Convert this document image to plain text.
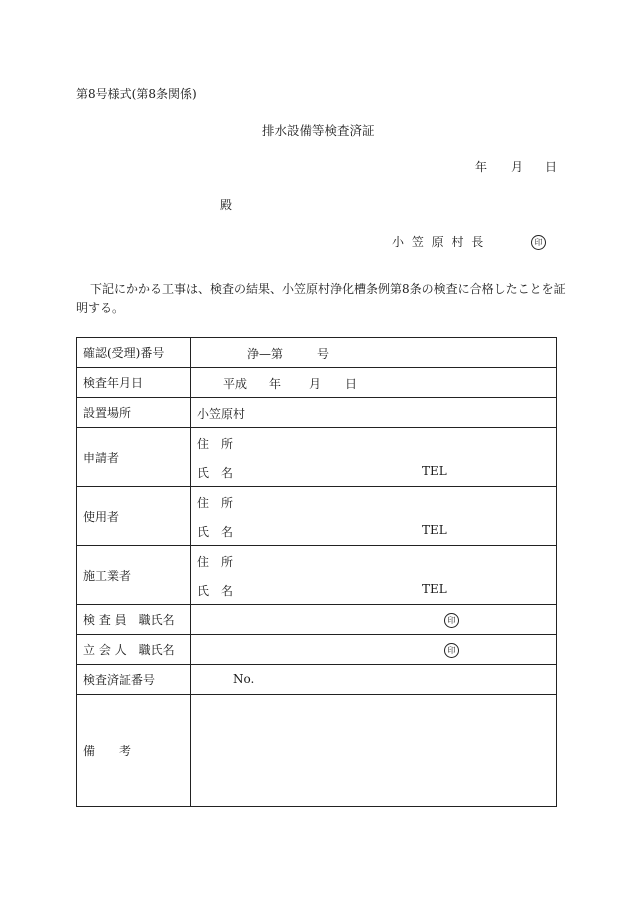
第8号様式(第8条関係)
排水設備等検査済証
年 月 日
殿
小 笠 原 村 長	印
下記にかかる工事は、検査の結果、小笠原村浄化槽条例第8条の検査に合格したことを証
明する。
確認(受理)番号	浄—第 号

検査年月日	平成 年 月 日

設置場所	小笠原村

申請者	住　所
氏　名 TEL

使用者	住　所
氏　名 TEL

施工業者	住　所
氏　名 TEL

検 査 員　職氏名	印

立 会 人　職氏名	印

検査済証番号	No.

備　　考	
